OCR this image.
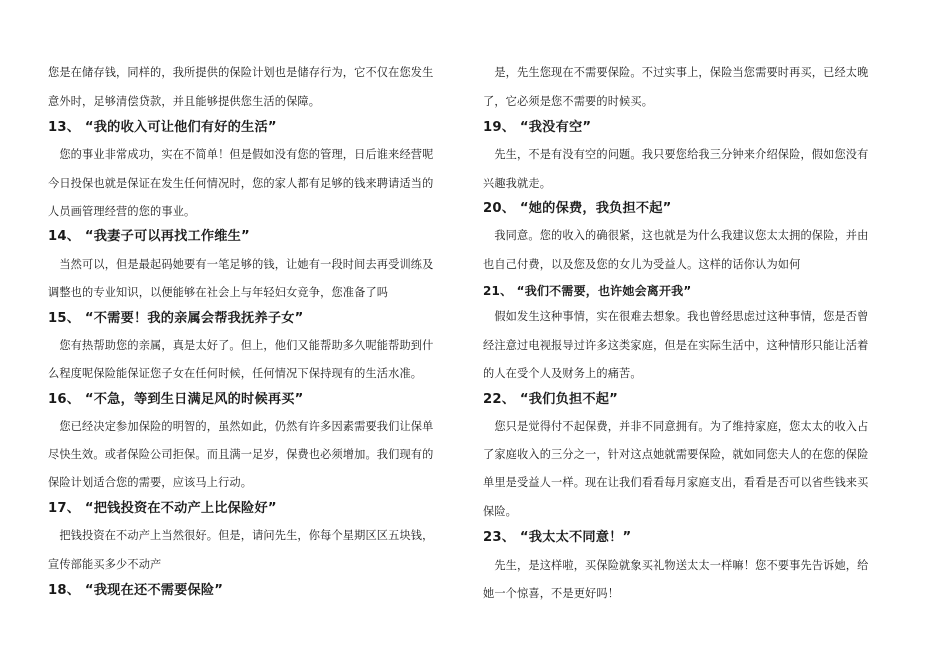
您是在储存钱，同样的，我所提供的保险计划也是储存行为，它不仅在您发生
意外时，足够清偿贷款，并且能够提供您生活的保障。
13、 “我的收入可让他们有好的生活”
　您的事业非常成功，实在不简单！但是假如没有您的管理，日后谁来经营呢
今日投保也就是保证在发生任何情况时，您的家人都有足够的钱来聘请适当的
人员画管理经营的您的事业。
14、 “我妻子可以再找工作维生”
　当然可以，但是最起码她要有一笔足够的钱，让她有一段时间去再受训练及
调整也的专业知识，以便能够在社会上与年轻妇女竞争，您准备了吗
15、 “不需要！我的亲属会帮我抚养子女”
　您有热帮助您的亲属，真是太好了。但上，他们又能帮助多久呢能帮助到什
么程度呢保险能保证您子女在任何时候，任何情况下保持现有的生活水准。
16、 “不急，等到生日满足风的时候再买”
　您已经决定参加保险的明智的，虽然如此，仍然有许多因素需要我们让保单
尽快生效。或者保险公司拒保。而且满一足岁，保费也必须增加。我们现有的
保险计划适合您的需要，应该马上行动。
17、 “把钱投资在不动产上比保险好”
　把钱投资在不动产上当然很好。但是，请问先生，你每个星期区区五块钱，
宣传部能买多少不动产
18、 “我现在还不需要保险”
　是，先生您现在不需要保险。不过实事上，保险当您需要时再买，已经太晚
了，它必须是您不需要的时候买。
19、 “我没有空”
　先生，不是有没有空的问题。我只要您给我三分钟来介绍保险，假如您没有
兴趣我就走。
20、 “她的保费，我负担不起”
　我同意。您的收入的确很紧，这也就是为什么我建议您太太拥的保险，并由
也自己付费，以及您及您的女儿为受益人。这样的话你认为如何
21、 “我们不需要，也许她会离开我”
　假如发生这种事情，实在很难去想象。我也曾经思虑过这种事情，您是否曾
经注意过电视报导过许多这类家庭，但是在实际生活中，这种情形只能让活着
的人在受个人及财务上的痛苦。
22、 “我们负担不起”
　您只是觉得付不起保费，并非不同意拥有。为了维持家庭，您太太的收入占
了家庭收入的三分之一，针对这点她就需要保险，就如同您夫人的在您的保险
单里是受益人一样。现在让我们看看每月家庭支出，看看是否可以省些钱来买
保险。
23、 “我太太不同意！”
　先生，是这样啦，买保险就象买礼物送太太一样嘛！您不要事先告诉她，给
她一个惊喜，不是更好吗！
